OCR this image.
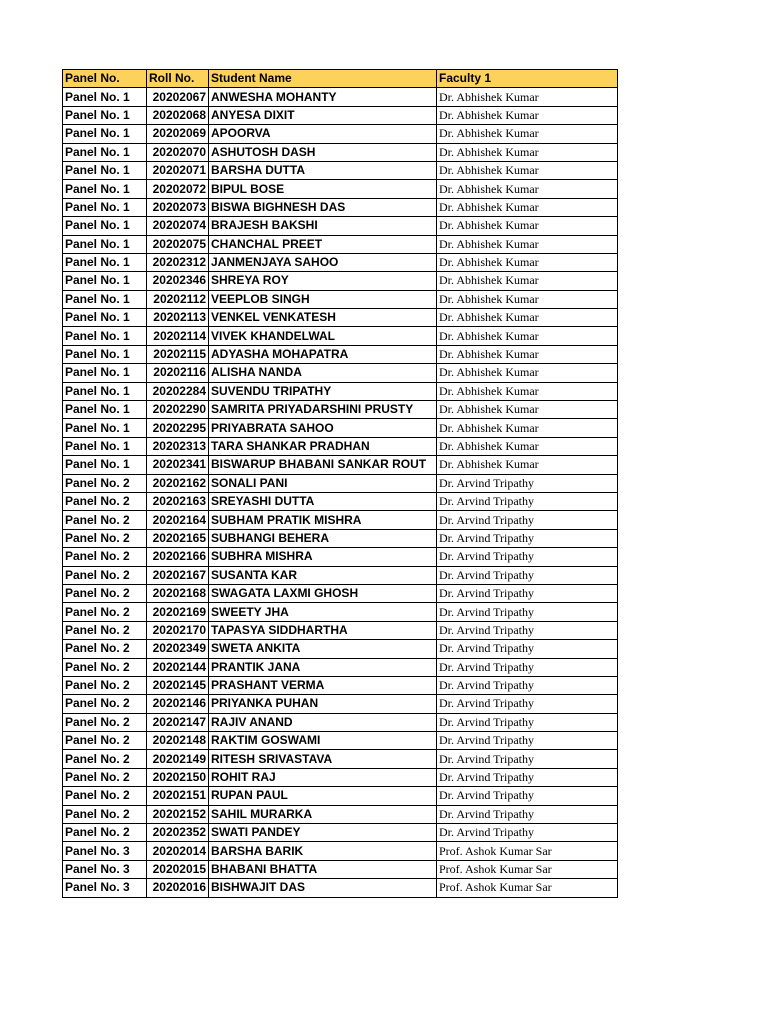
Panel No.	Roll No.	Student Name	Faculty 1
Panel No. 1	20202067	ANWESHA MOHANTY	Dr. Abhishek Kumar
Panel No. 1	20202068	ANYESA DIXIT	Dr. Abhishek Kumar
Panel No. 1	20202069	APOORVA	Dr. Abhishek Kumar
Panel No. 1	20202070	ASHUTOSH DASH	Dr. Abhishek Kumar
Panel No. 1	20202071	BARSHA DUTTA	Dr. Abhishek Kumar
Panel No. 1	20202072	BIPUL BOSE	Dr. Abhishek Kumar
Panel No. 1	20202073	BISWA BIGHNESH DAS	Dr. Abhishek Kumar
Panel No. 1	20202074	BRAJESH BAKSHI	Dr. Abhishek Kumar
Panel No. 1	20202075	CHANCHAL PREET	Dr. Abhishek Kumar
Panel No. 1	20202312	JANMENJAYA SAHOO	Dr. Abhishek Kumar
Panel No. 1	20202346	SHREYA ROY	Dr. Abhishek Kumar
Panel No. 1	20202112	VEEPLOB SINGH	Dr. Abhishek Kumar
Panel No. 1	20202113	VENKEL VENKATESH	Dr. Abhishek Kumar
Panel No. 1	20202114	VIVEK KHANDELWAL	Dr. Abhishek Kumar
Panel No. 1	20202115	ADYASHA MOHAPATRA	Dr. Abhishek Kumar
Panel No. 1	20202116	ALISHA NANDA	Dr. Abhishek Kumar
Panel No. 1	20202284	SUVENDU TRIPATHY	Dr. Abhishek Kumar
Panel No. 1	20202290	SAMRITA PRIYADARSHINI PRUSTY	Dr. Abhishek Kumar
Panel No. 1	20202295	PRIYABRATA SAHOO	Dr. Abhishek Kumar
Panel No. 1	20202313	TARA SHANKAR PRADHAN	Dr. Abhishek Kumar
Panel No. 1	20202341	BISWARUP BHABANI SANKAR ROUT	Dr. Abhishek Kumar
Panel No. 2	20202162	SONALI PANI	Dr. Arvind Tripathy
Panel No. 2	20202163	SREYASHI DUTTA	Dr. Arvind Tripathy
Panel No. 2	20202164	SUBHAM PRATIK MISHRA	Dr. Arvind Tripathy
Panel No. 2	20202165	SUBHANGI BEHERA	Dr. Arvind Tripathy
Panel No. 2	20202166	SUBHRA MISHRA	Dr. Arvind Tripathy
Panel No. 2	20202167	SUSANTA KAR	Dr. Arvind Tripathy
Panel No. 2	20202168	SWAGATA LAXMI GHOSH	Dr. Arvind Tripathy
Panel No. 2	20202169	SWEETY JHA	Dr. Arvind Tripathy
Panel No. 2	20202170	TAPASYA SIDDHARTHA	Dr. Arvind Tripathy
Panel No. 2	20202349	SWETA ANKITA	Dr. Arvind Tripathy
Panel No. 2	20202144	PRANTIK JANA	Dr. Arvind Tripathy
Panel No. 2	20202145	PRASHANT VERMA	Dr. Arvind Tripathy
Panel No. 2	20202146	PRIYANKA PUHAN	Dr. Arvind Tripathy
Panel No. 2	20202147	RAJIV ANAND	Dr. Arvind Tripathy
Panel No. 2	20202148	RAKTIM GOSWAMI	Dr. Arvind Tripathy
Panel No. 2	20202149	RITESH SRIVASTAVA	Dr. Arvind Tripathy
Panel No. 2	20202150	ROHIT RAJ	Dr. Arvind Tripathy
Panel No. 2	20202151	RUPAN PAUL	Dr. Arvind Tripathy
Panel No. 2	20202152	SAHIL MURARKA	Dr. Arvind Tripathy
Panel No. 2	20202352	SWATI PANDEY	Dr. Arvind Tripathy
Panel No. 3	20202014	BARSHA BARIK	Prof. Ashok Kumar Sar
Panel No. 3	20202015	BHABANI BHATTA	Prof. Ashok Kumar Sar
Panel No. 3	20202016	BISHWAJIT DAS	Prof. Ashok Kumar Sar
